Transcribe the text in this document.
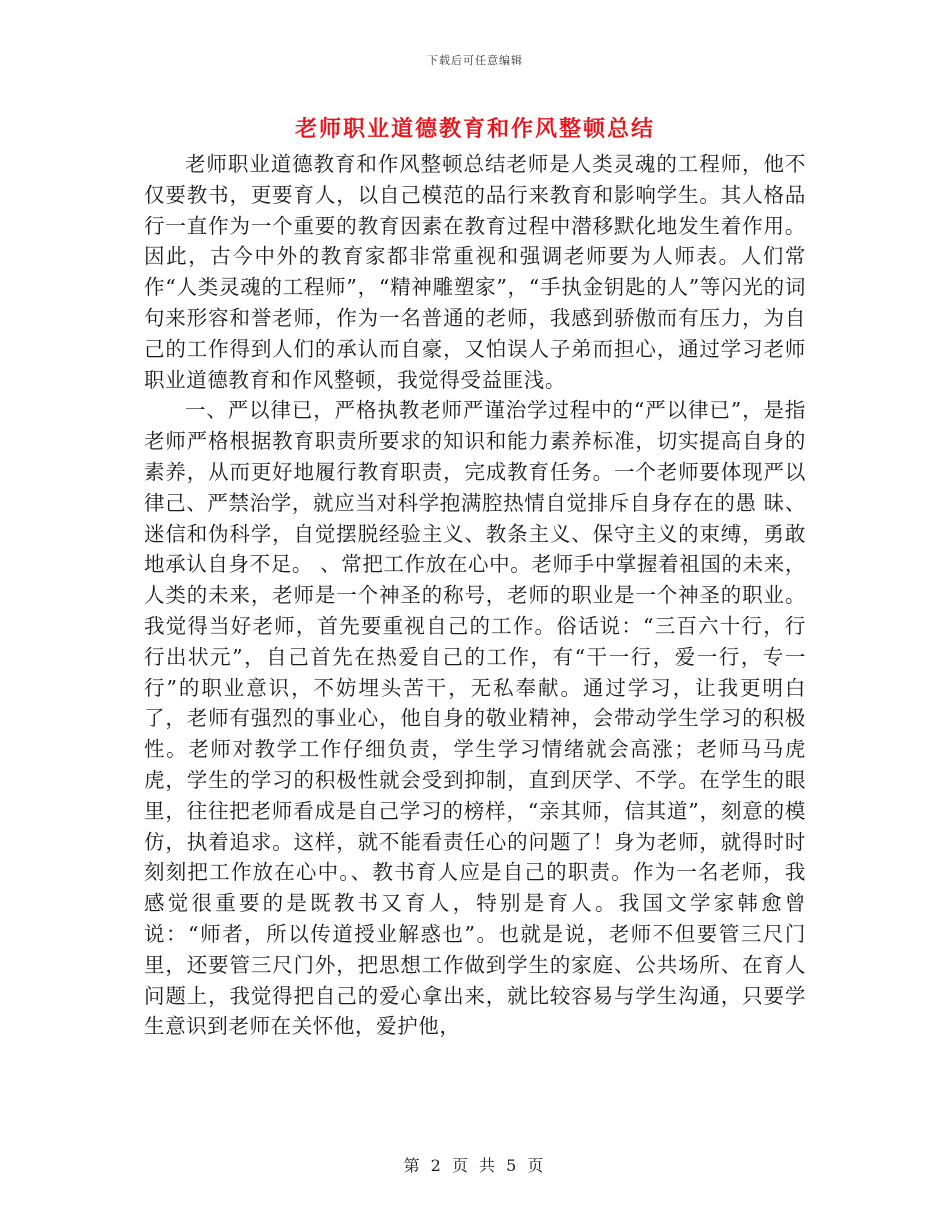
下载后可任意编辑
老师职业道德教育和作风整顿总结

老师职业道德教育和作风整顿总结老师是人类灵魂的工程师，他不仅要教书，更要育人，以自己模范的品行来教育和影响学生。其人格品行一直作为一个重要的教育因素在教育过程中潜移默化地发生着作用。因此，古今中外的教育家都非常重视和强调老师要为人师表。人们常作“人类灵魂的工程师”，“精神雕塑家”，“手执金钥匙的人”等闪光的词句来形容和誉老师，作为一名普通的老师，我感到骄傲而有压力，为自己的工作得到人们的承认而自豪，又怕误人子弟而担心，通过学习老师职业道德教育和作风整顿，我觉得受益匪浅。

一、严以律已，严格执教老师严谨治学过程中的“严以律已”，是指老师严格根据教育职责所要求的知识和能力素养标准，切实提高自身的素养，从而更好地履行教育职责，完成教育任务。一个老师要体现严以律己、严禁治学，就应当对科学抱满腔热情自觉排斥自身存在的愚 昧、迷信和伪科学，自觉摆脱经验主义、教条主义、保守主义的束缚，勇敢地承认自身不足。 、常把工作放在心中。老师手中掌握着祖国的未来，人类的未来，老师是一个神圣的称号，老师的职业是一个神圣的职业。我觉得当好老师，首先要重视自己的工作。俗话说：“三百六十行，行行出状元”，自己首先在热爱自己的工作，有“干一行，爱一行，专一行”的职业意识，不妨埋头苦干，无私奉献。通过学习，让我更明白了，老师有强烈的事业心，他自身的敬业精神，会带动学生学习的积极性。老师对教学工作仔细负责，学生学习情绪就会高涨；老师马马虎虎，学生的学习的积极性就会受到抑制，直到厌学、不学。在学生的眼里，往往把老师看成是自己学习的榜样，“亲其师，信其道”，刻意的模仿，执着追求。这样，就不能看责任心的问题了！身为老师，就得时时刻刻把工作放在心中。、教书育人应是自己的职责。作为一名老师，我感觉很重要的是既教书又育人，特别是育人。我国文学家韩愈曾说：“师者，所以传道授业解惑也”。也就是说，老师不但要管三尺门里，还要管三尺门外，把思想工作做到学生的家庭、公共场所、在育人问题上，我觉得把自己的爱心拿出来，就比较容易与学生沟通，只要学生意识到老师在关怀他，爱护他，

第 2 页 共 5 页
